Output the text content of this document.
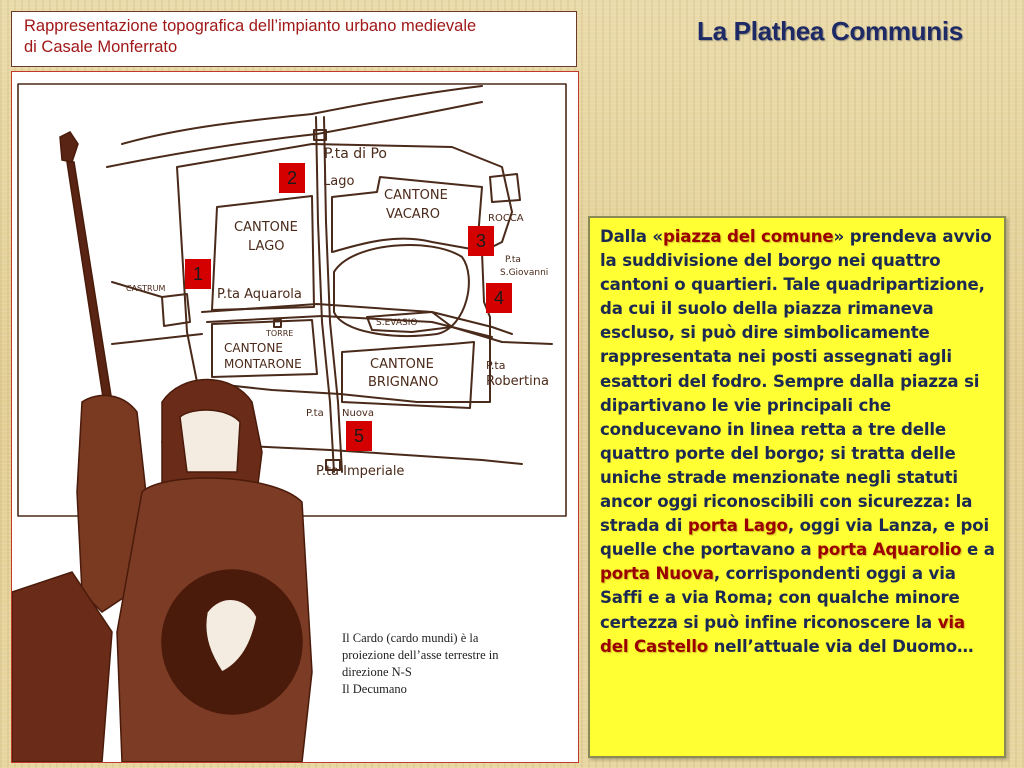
Rappresentazione topografica dell’impianto urbano medievale
di Casale Monferrato
La Plathea Communis
P.ta di Po
Lago
CANTONE
VACARO	ROCCA
CANTONE
LAGO
P.ta
S.Giovanni
CASTRUM	P.ta Aquarola
TORRE
S.EVASIO
CANTONE
MONTARONE	CANTONE
BRIGNANO
P.ta
Robertina
P.ta Nuova
P.ta Imperiale
1
2
3
4
5
Il Cardo (cardo mundi) è la
proiezione dell’asse terrestre in
direzione N-S
Il Decumano
Dalla «piazza del comune» prendeva avvio la suddivisione del borgo nei quattro cantoni o quartieri. Tale quadripartizione, da cui il suolo della piazza rimaneva escluso, si può dire simbolicamente rappresentata nei posti assegnati agli esattori del fodro. Sempre dalla piazza si dipartivano le vie principali che conducevano in linea retta a tre delle quattro porte del borgo; si tratta delle uniche strade menzionate negli statuti ancor oggi riconoscibili con sicurezza: la strada di porta Lago, oggi via Lanza, e poi quelle che portavano a porta Aquarolio e a porta Nuova, corrispondenti oggi a via Saffi e a via Roma; con qualche minore certezza si può infine riconoscere la via del Castello nell’attuale via del Duomo…
